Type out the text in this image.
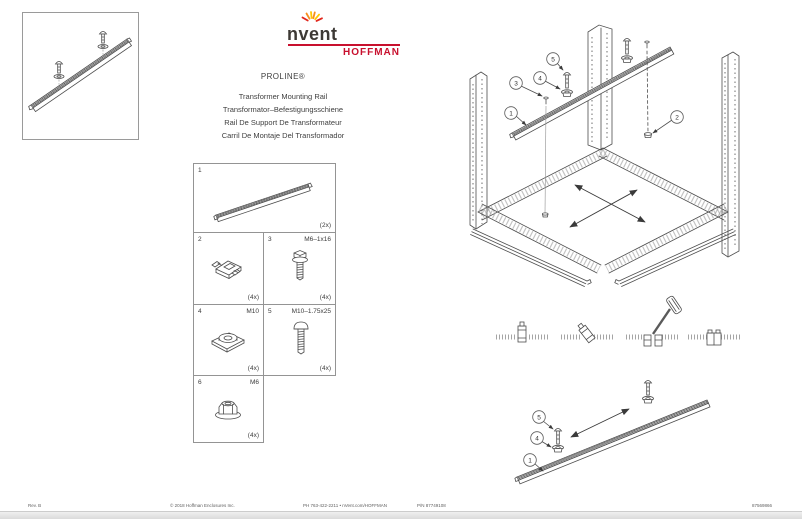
nvent
HOFFMAN

PROLINE®

Transformer Mounting Rail

Transformator–Befestigungsschiene

Rail De Support De Transformateur

Carril De Montaje Del Transformador

1
(2x)
2
(4x)
3	M6–1x16
(4x)
4	M10
(4x)
5	M10–1.75x25
(4x)
6	M6
(4x)
5
4
3
1
2
5
4
1
Rev. B	© 2018 Hoffman Enclosures Inc.	PH 763-422-2211 • nVent.com/HOFFMAN	P/N 87749108	87569866
